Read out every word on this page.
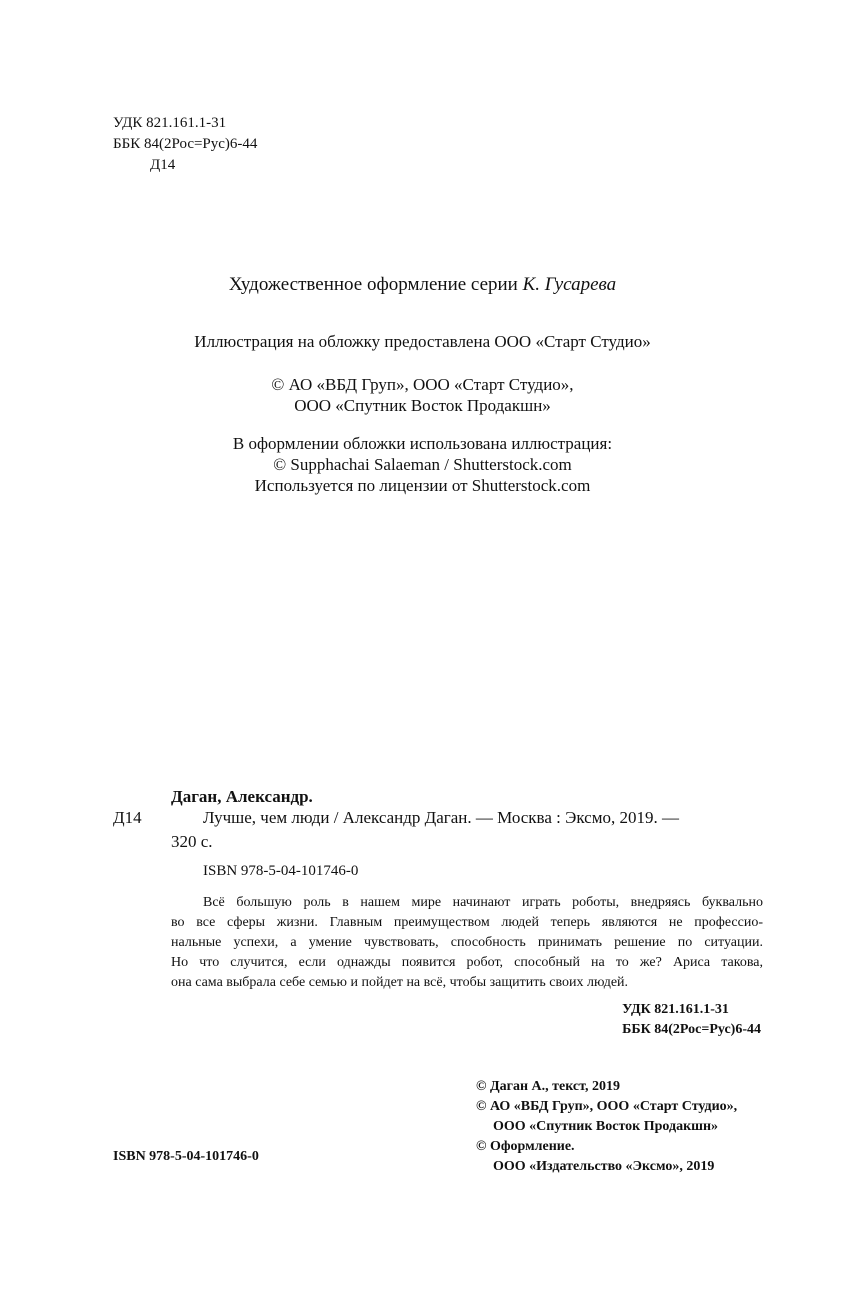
УДК 821.161.1-31
ББК 84(2Рос=Рус)6-44
Д14
Художественное оформление серии К. Гусарева
Иллюстрация на обложку предоставлена ООО «Старт Студио»
© АО «ВБД Груп», ООО «Старт Студио»,
ООО «Спутник Восток Продакшн»
В оформлении обложки использована иллюстрация:
© Supphachai Salaeman / Shutterstock.com
Используется по лицензии от Shutterstock.com
Даган, Александр.
Д14	Лучше, чем люди / Александр Даган. — Москва : Эксмо, 2019. —
320 с.
ISBN 978-5-04-101746-0
Всё большую роль в нашем мире начинают играть роботы, внедряясь буквально
во все сферы жизни. Главным преимуществом людей теперь являются не профессио-
нальные успехи, а умение чувствовать, способность принимать решение по ситуации.
Но что случится, если однажды появится робот, способный на то же? Ариса такова,
она сама выбрала себе семью и пойдет на всё, чтобы защитить своих людей.
УДК 821.161.1-31
ББК 84(2Рос=Рус)6-44
© Даган А., текст, 2019
© АО «ВБД Груп», ООО «Старт Студио»,
ООО «Спутник Восток Продакшн»
© Оформление.
ООО «Издательство «Эксмо», 2019
ISBN 978-5-04-101746-0
